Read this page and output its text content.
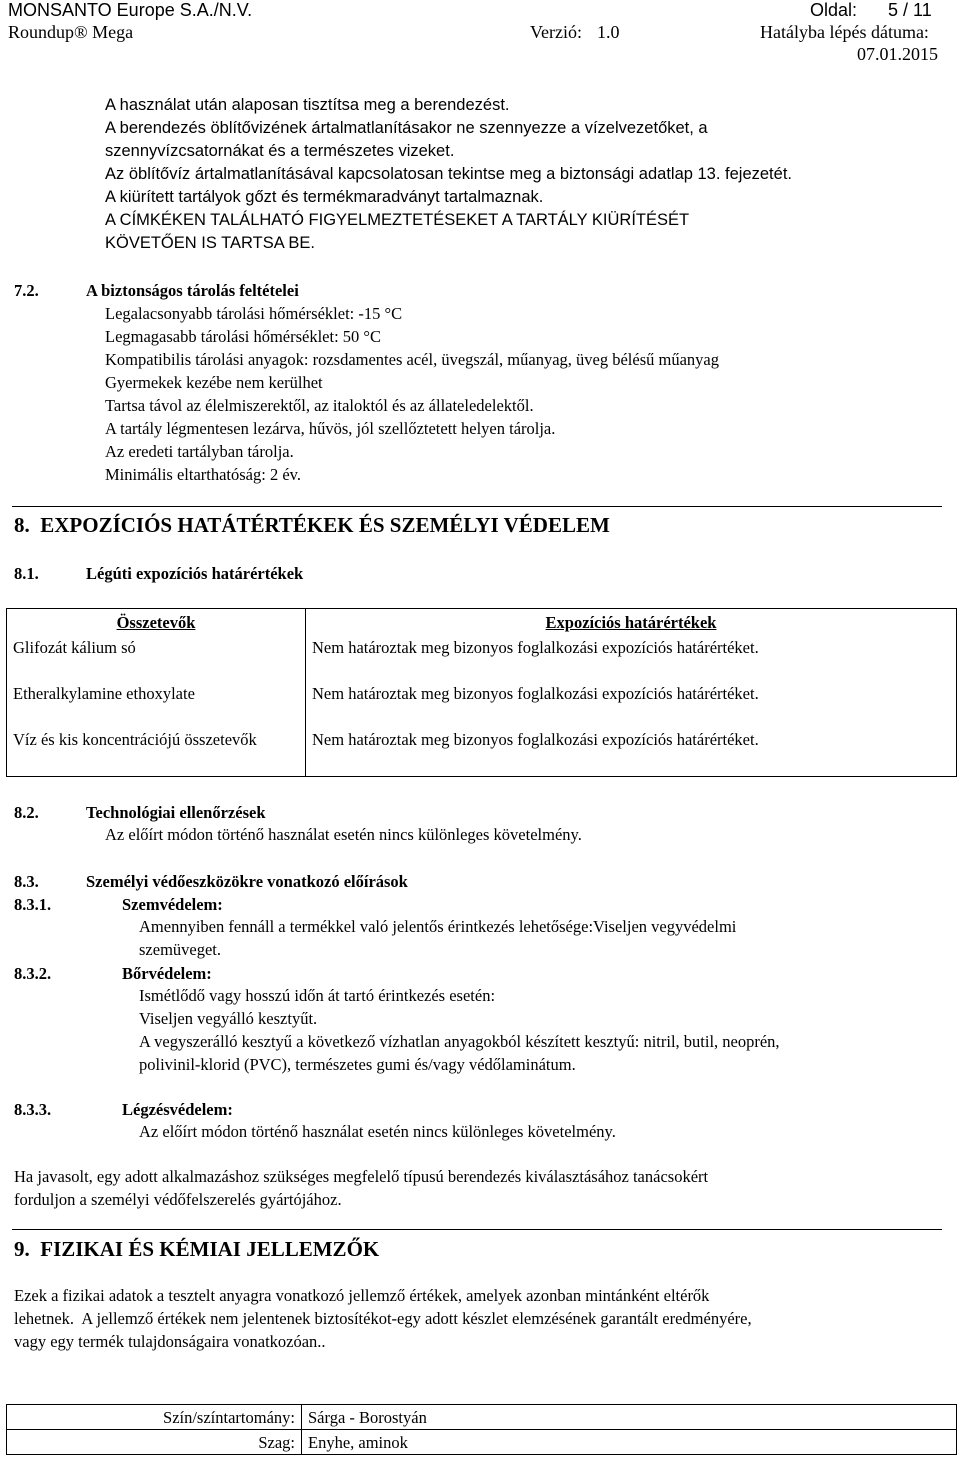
MONSANTO Europe S.A./N.V.	Oldal: 5 / 11
Roundup® Mega	Verzió: 1.0	Hatályba lépés dátuma:
07.01.2015
A használat után alaposan tisztítsa meg a berendezést.
A berendezés öblítővizének ártalmatlanításakor ne szennyezze a vízelvezetőket, a
szennyvízcsatornákat és a természetes vizeket.
Az öblítővíz ártalmatlanításával kapcsolatosan tekintse meg a biztonsági adatlap 13. fejezetét.
A kiürített tartályok gőzt és termékmaradványt tartalmaznak.
A CÍMKÉKEN TALÁLHATÓ FIGYELMEZTETÉSEKET A TARTÁLY KIÜRÍTÉSÉT
KÖVETŐEN IS TARTSA BE.
7.2.	A biztonságos tárolás feltételei
Legalacsonyabb tárolási hőmérséklet: -15 °C
Legmagasabb tárolási hőmérséklet: 50 °C
Kompatibilis tárolási anyagok: rozsdamentes acél, üvegszál, műanyag, üveg bélésű műanyag
Gyermekek kezébe nem kerülhet
Tartsa távol az élelmiszerektől, az italoktól és az állateledelektől.
A tartály légmentesen lezárva, hűvös, jól szellőztetett helyen tárolja.
Az eredeti tartályban tárolja.
Minimális eltarthatóság: 2 év.
8.  EXPOZÍCIÓS HATÁTÉRTÉKEK ÉS SZEMÉLYI VÉDELEM
8.1.	Légúti expozíciós határértékek
Összetevők	Expozíciós határértékek
Glifozát kálium só	Nem határoztak meg bizonyos foglalkozási expozíciós határértéket.
Etheralkylamine ethoxylate	Nem határoztak meg bizonyos foglalkozási expozíciós határértéket.
Víz és kis koncentrációjú összetevők	Nem határoztak meg bizonyos foglalkozási expozíciós határértéket.
8.2.	Technológiai ellenőrzések
Az előírt módon történő használat esetén nincs különleges követelmény.
8.3.	Személyi védőeszközökre vonatkozó előírások
8.3.1.	Szemvédelem:
Amennyiben fennáll a termékkel való jelentős érintkezés lehetősége:Viseljen vegyvédelmi
szemüveget.
8.3.2.	Bőrvédelem:
Ismétlődő vagy hosszú időn át tartó érintkezés esetén:
Viseljen vegyálló kesztyűt.
A vegyszerálló kesztyű a következő vízhatlan anyagokból készített kesztyű: nitril, butil, neoprén,
polivinil-klorid (PVC), természetes gumi és/vagy védőlaminátum.
8.3.3.	Légzésvédelem:
Az előírt módon történő használat esetén nincs különleges követelmény.
Ha javasolt, egy adott alkalmazáshoz szükséges megfelelő típusú berendezés kiválasztásához tanácsokért
forduljon a személyi védőfelszerelés gyártójához.
9.  FIZIKAI ÉS KÉMIAI JELLEMZŐK
Ezek a fizikai adatok a tesztelt anyagra vonatkozó jellemző értékek, amelyek azonban mintánként eltérők
lehetnek.  A jellemző értékek nem jelentenek biztosítékot-egy adott készlet elemzésének garantált eredményére,
vagy egy termék tulajdonságaira vonatkozóan..
Szín/színtartomány:	Sárga - Borostyán
Szag:	Enyhe, aminok
